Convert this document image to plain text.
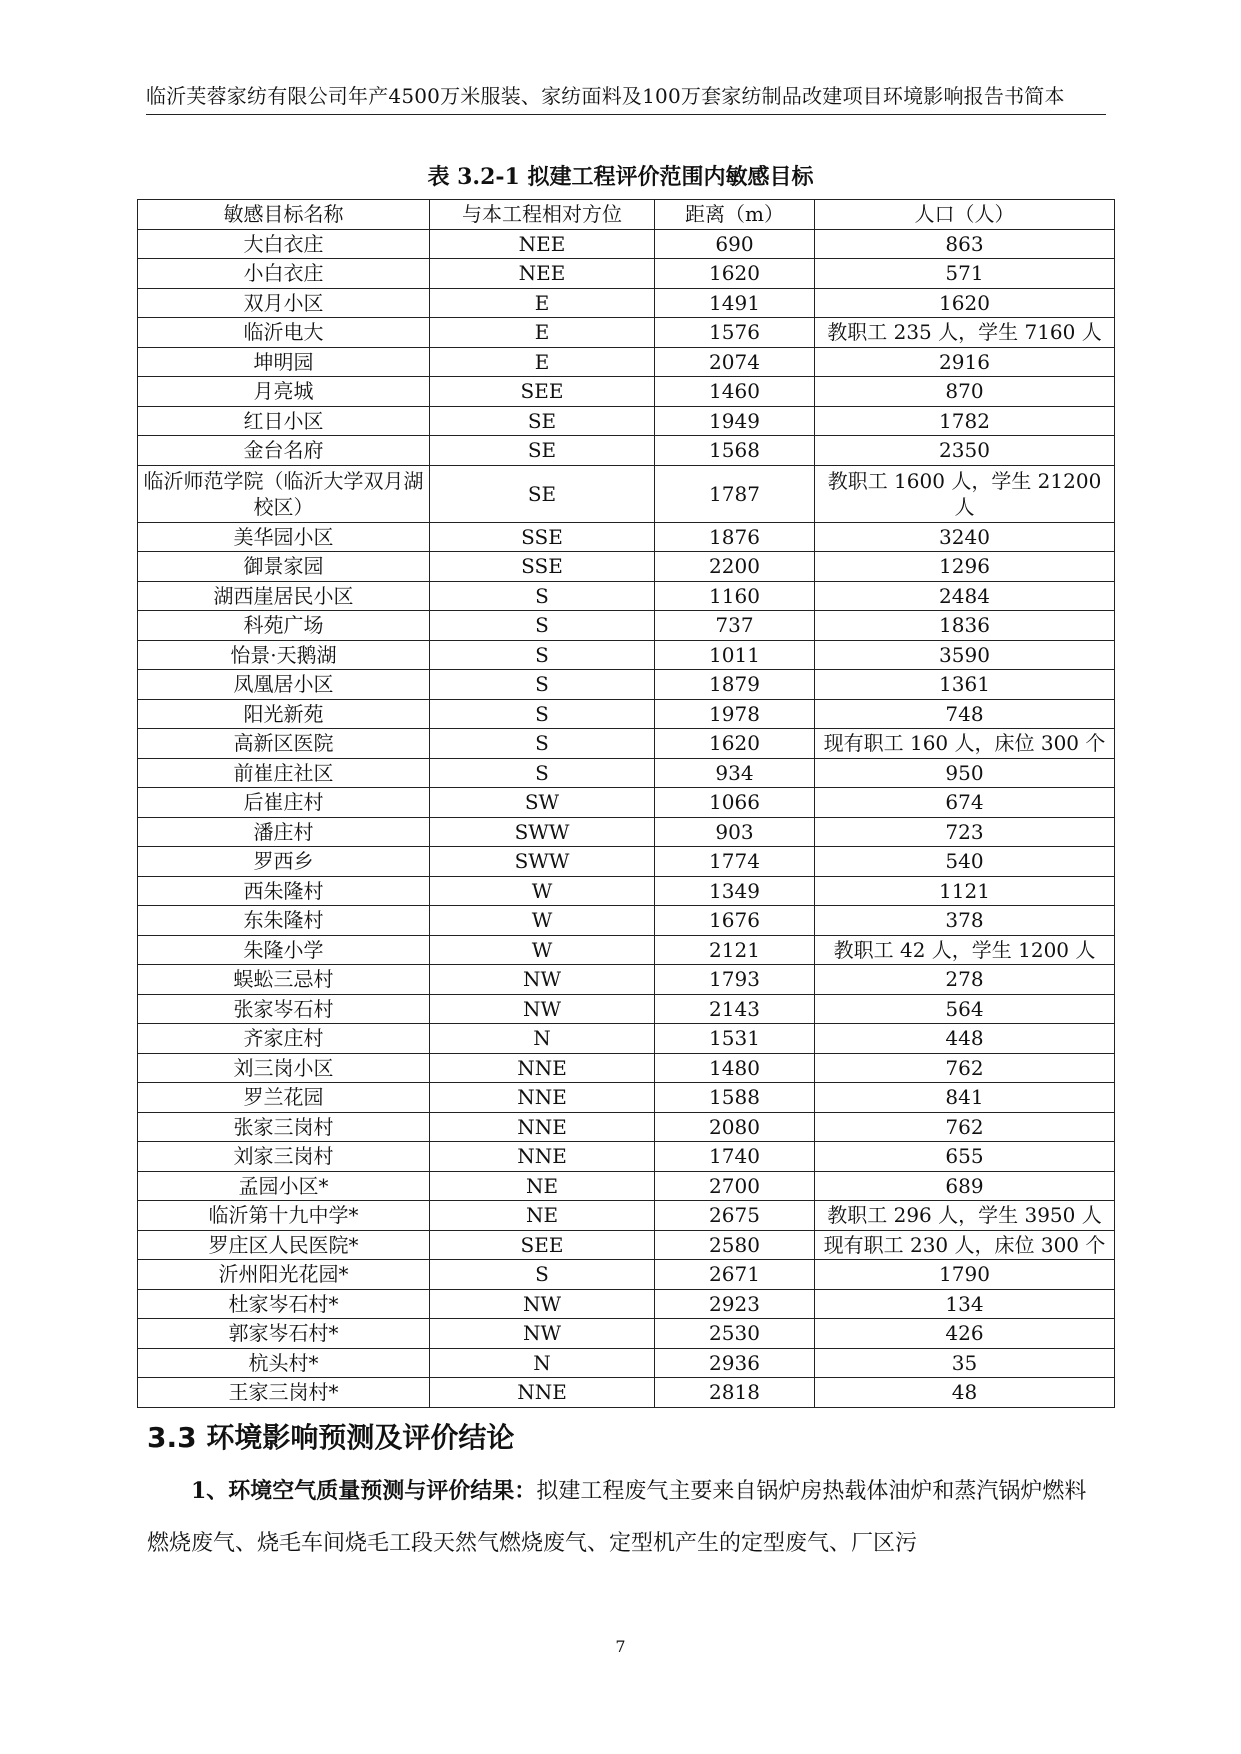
临沂芙蓉家纺有限公司年产4500万米服装、家纺面料及100万套家纺制品改建项目环境影响报告书简本
表 3.2-1 拟建工程评价范围内敏感目标
敏感目标名称	与本工程相对方位	距离（m）	人口（人）
大白衣庄	NEE	690	863
小白衣庄	NEE	1620	571
双月小区	E	1491	1620
临沂电大	E	1576	教职工 235 人，学生 7160 人
坤明园	E	2074	2916
月亮城	SEE	1460	870
红日小区	SE	1949	1782
金台名府	SE	1568	2350
临沂师范学院（临沂大学双月湖校区）	SE	1787	教职工 1600 人，学生 21200 人
美华园小区	SSE	1876	3240
御景家园	SSE	2200	1296
湖西崖居民小区	S	1160	2484
科苑广场	S	737	1836
怡景·天鹅湖	S	1011	3590
凤凰居小区	S	1879	1361
阳光新苑	S	1978	748
高新区医院	S	1620	现有职工 160 人，床位 300 个
前崔庄社区	S	934	950
后崔庄村	SW	1066	674
潘庄村	SWW	903	723
罗西乡	SWW	1774	540
西朱隆村	W	1349	1121
东朱隆村	W	1676	378
朱隆小学	W	2121	教职工 42 人，学生 1200 人
蜈蚣三忌村	NW	1793	278
张家岑石村	NW	2143	564
齐家庄村	N	1531	448
刘三岗小区	NNE	1480	762
罗兰花园	NNE	1588	841
张家三岗村	NNE	2080	762
刘家三岗村	NNE	1740	655
孟园小区*	NE	2700	689
临沂第十九中学*	NE	2675	教职工 296 人，学生 3950 人
罗庄区人民医院*	SEE	2580	现有职工 230 人，床位 300 个
沂州阳光花园*	S	2671	1790
杜家岑石村*	NW	2923	134
郭家岑石村*	NW	2530	426
杭头村*	N	2936	35
王家三岗村*	NNE	2818	48
3.3 环境影响预测及评价结论
1、环境空气质量预测与评价结果：拟建工程废气主要来自锅炉房热载体油炉和蒸汽锅炉燃料燃烧废气、烧毛车间烧毛工段天然气燃烧废气、定型机产生的定型废气、厂区污
7
